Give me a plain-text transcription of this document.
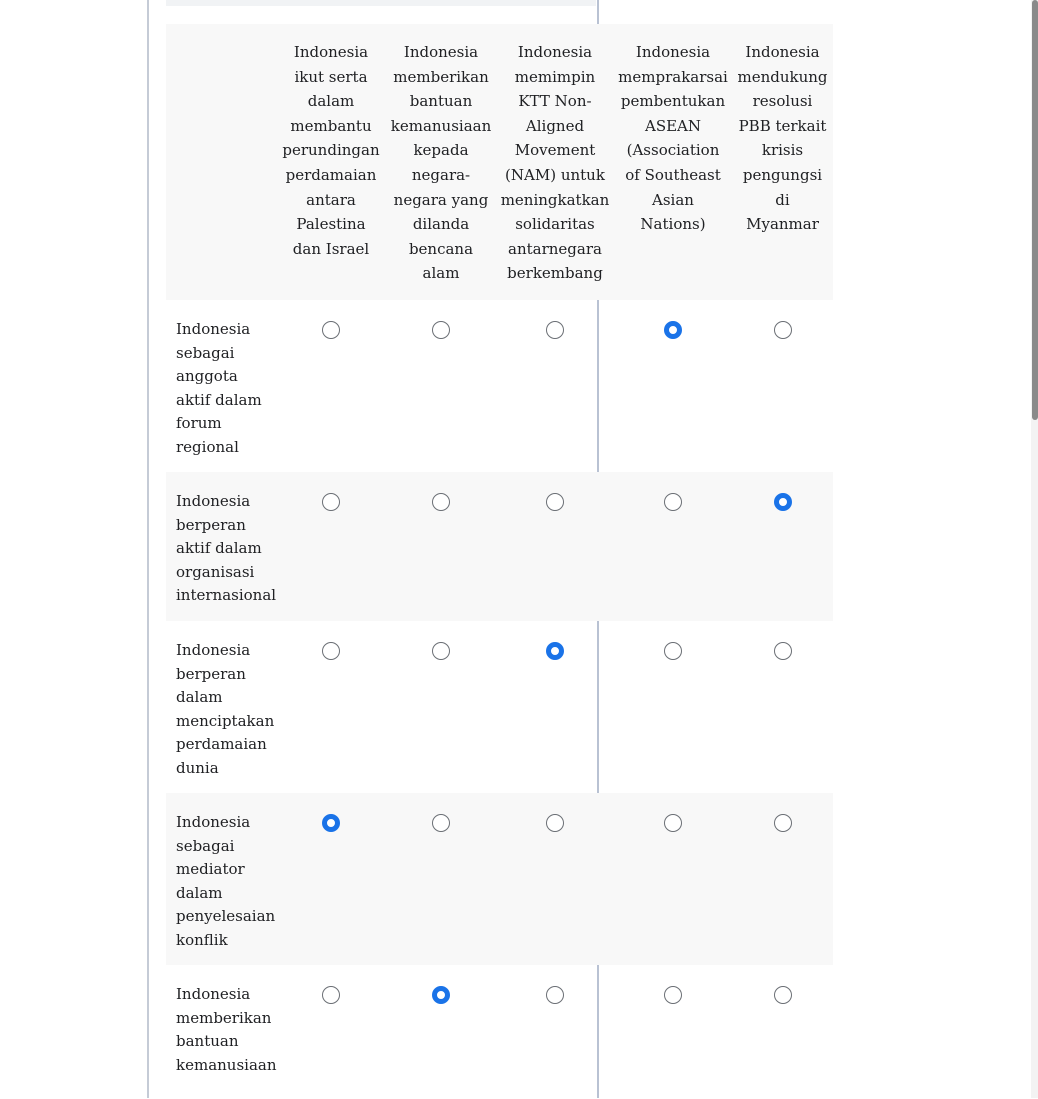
Indonesia
ikut serta
dalam
membantu
perundingan
perdamaian
antara
Palestina
dan Israel
Indonesia
memberikan
bantuan
kemanusiaan
kepada
negara-
negara yang
dilanda
bencana
alam
Indonesia
memimpin
KTT Non-
Aligned
Movement
(NAM) untuk
meningkatkan
solidaritas
antarnegara
berkembang
Indonesia
memprakarsai
pembentukan
ASEAN
(Association
of Southeast
Asian
Nations)
Indonesia
mendukung
resolusi
PBB terkait
krisis
pengungsi
di
Myanmar
Indonesia
sebagai
anggota
aktif dalam
forum
regional
Indonesia
berperan
aktif dalam
organisasi
internasional
Indonesia
berperan
dalam
menciptakan
perdamaian
dunia
Indonesia
sebagai
mediator
dalam
penyelesaian
konflik
Indonesia
memberikan
bantuan
kemanusiaan
